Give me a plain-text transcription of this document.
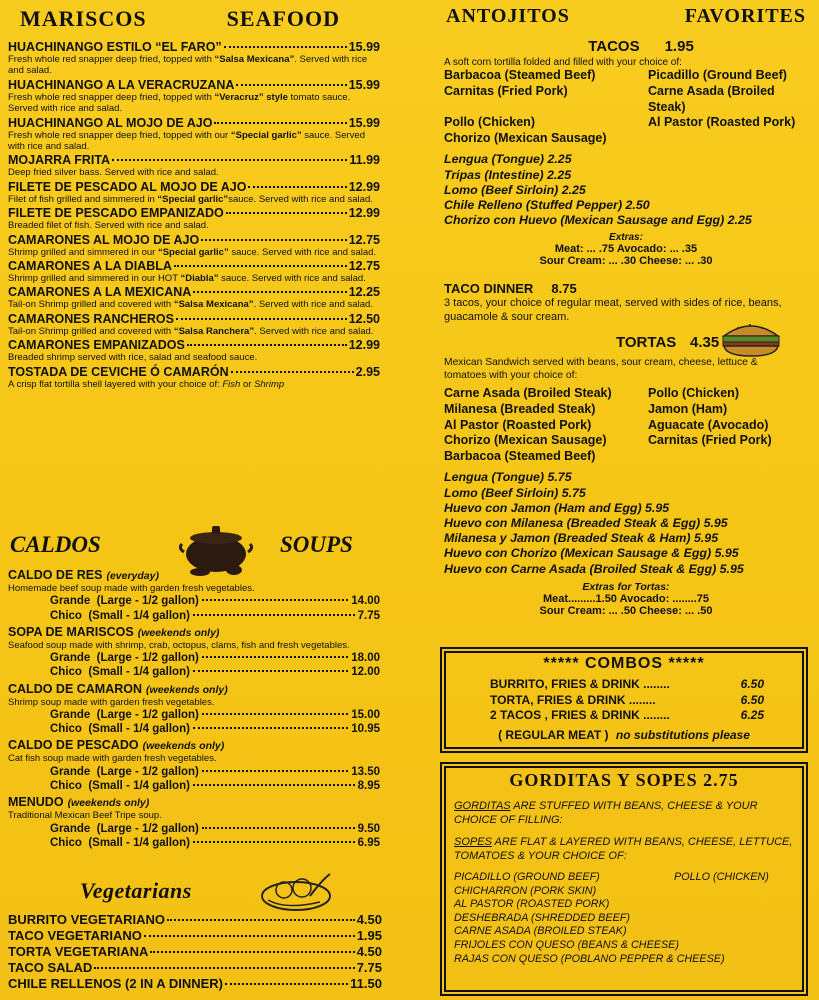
MARISCOS	SEAFOOD
HUACHINANGO ESTILO “EL FARO”	15.99
Fresh whole red snapper deep fried, topped with “Salsa Mexicana”. Served with rice and salad.
HUACHINANGO A LA VERACRUZANA	15.99
Fresh whole red snapper deep fried, topped with “Veracruz” style tomato sauce. Served with rice and salad.
HUACHINANGO AL MOJO DE AJO	15.99
Fresh whole red snapper deep fried, topped with our “Special garlic” sauce. Served with rice and salad.
MOJARRA FRITA	11.99
Deep fried silver bass. Served with rice and salad.
FILETE DE PESCADO AL MOJO DE AJO	12.99
Filet of fish grilled and simmered in “Special garlic”sauce. Served with rice and salad.
FILETE DE PESCADO EMPANIZADO	12.99
Breaded filet of fish. Served with rice and salad.
CAMARONES AL MOJO DE AJO	12.75
Shrimp grilled and simmered in our “Special garlic” sauce. Served with rice and salad.
CAMARONES A LA DIABLA	12.75
Shrimp grilled and simmered in our HOT “Diabla” sauce. Served with rice and salad.
CAMARONES A LA MEXICANA	12.25
Tail-on Shrimp grilled and covered with “Salsa Mexicana”. Served with rice and salad.
CAMARONES RANCHEROS	12.50
Tail-on Shrimp grilled and covered with “Salsa Ranchera”. Served with rice and salad.
CAMARONES EMPANIZADOS	12.99
Breaded shrimp served with rice, salad and seafood sauce.
TOSTADA DE CEVICHE Ó CAMARÓN	2.95
A crisp flat tortilla shell layered with your choice of: Fish or Shrimp
CALDOS	SOUPS
CALDO DE RES (everyday)
Homemade beef soup made with garden fresh vegetables.
Grande  (Large - 1/2 gallon)	14.00
Chico  (Small - 1/4 gallon)	7.75
SOPA DE MARISCOS (weekends only)
Seafood soup made with shrimp, crab, octopus, clams, fish and fresh vegetables.
Grande  (Large - 1/2 gallon)	18.00
Chico  (Small - 1/4 gallon)	12.00
CALDO DE CAMARON (weekends only)
Shrimp soup made with garden fresh vegetables.
Grande  (Large - 1/2 gallon)	15.00
Chico  (Small - 1/4 gallon)	10.95
CALDO DE PESCADO (weekends only)
Cat fish soup made with garden fresh vegetables.
Grande  (Large - 1/2 gallon)	13.50
Chico  (Small - 1/4 gallon)	8.95
MENUDO (weekends only)
Traditional Mexican Beef Tripe soup.
Grande  (Large - 1/2 gallon)	9.50
Chico  (Small - 1/4 gallon)	6.95
Vegetarians
BURRITO VEGETARIANO	4.50
TACO VEGETARIANO	1.95
TORTA VEGETARIANA	4.50
TACO SALAD	7.75
CHILE RELLENOS (2 IN A DINNER)	11.50
ANTOJITOS	FAVORITES
TACOS 1.95
A soft corn tortilla folded and filled with your choice of:
Barbacoa (Steamed Beef)	Picadillo (Ground Beef)
Carnitas (Fried Pork)	Carne Asada (Broiled Steak)
Pollo (Chicken)	Al Pastor (Roasted Pork)
Chorizo (Mexican Sausage)
Lengua (Tongue) 2.25
Tripas (Intestine) 2.25
Lomo (Beef Sirloin) 2.25
Chile Relleno (Stuffed Pepper) 2.50
Chorizo con Huevo (Mexican Sausage and Egg) 2.25
Extras:
Meat: ... .75 Avocado: ... .35
Sour Cream: ... .30 Cheese: ... .30
TACO DINNER 8.75
3 tacos, your choice of regular meat, served with sides of rice, beans, guacamole & sour cream.
TORTAS 4.35
Mexican Sandwich served with beans, sour cream, cheese, lettuce & tomatoes with your choice of:
Carne Asada (Broiled Steak)	Pollo (Chicken)
Milanesa (Breaded Steak)	Jamon (Ham)
Al Pastor (Roasted Pork)	Aguacate (Avocado)
Chorizo (Mexican Sausage)	Carnitas (Fried Pork)
Barbacoa (Steamed Beef)
Lengua (Tongue) 5.75
Lomo (Beef Sirloin) 5.75
Huevo con Jamon (Ham and Egg) 5.95
Huevo con Milanesa (Breaded Steak & Egg) 5.95
Milanesa y Jamon (Breaded Steak & Ham) 5.95
Huevo con Chorizo (Mexican Sausage & Egg) 5.95
Huevo con Carne Asada (Broiled Steak & Egg) 5.95
Extras for Tortas:
Meat.........1.50 Avocado: ........75
Sour Cream: ... .50 Cheese: ... .50
***** COMBOS *****
BURRITO, FRIES & DRINK ........	6.50
TORTA, FRIES & DRINK ........	6.50
2 TACOS , FRIES & DRINK ........	6.25
( REGULAR MEAT ) no substitutions please
GORDITAS Y SOPES 2.75
GORDITAS ARE STUFFED WITH BEANS, CHEESE & YOUR CHOICE OF FILLING:
SOPES ARE FLAT & LAYERED WITH BEANS, CHEESE, LETTUCE, TOMATOES & YOUR CHOICE OF:
PICADILLO (GROUND BEEF)
CHICHARRON (PORK SKIN)
AL PASTOR (ROASTED PORK)
DESHEBRADA (SHREDDED BEEF)
CARNE ASADA (BROILED STEAK)
FRIJOLES CON QUESO (BEANS & CHEESE)
RAJAS CON QUESO (POBLANO PEPPER & CHEESE)
POLLO (CHICKEN)
